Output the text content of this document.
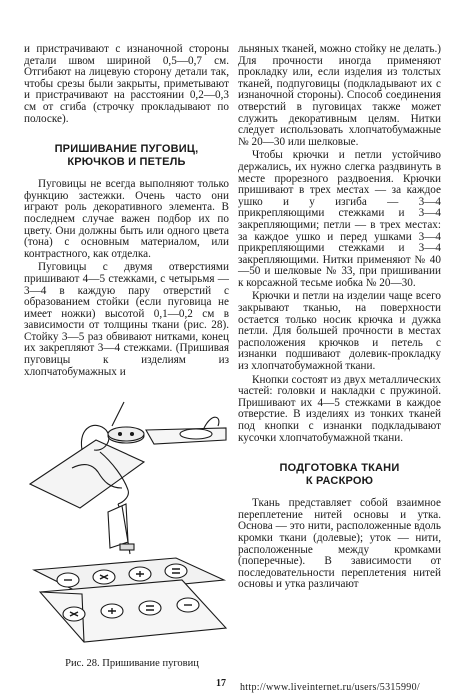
и пристрачивают с изнаночной стороны детали швом шириной 0,5—0,7 см. Отгибают на лицевую сторону детали так, чтобы срезы были закрыты, приметывают и пристрачивают на расстоянии 0,2—0,3 см от сгиба (строчку прокладывают по полоске).

ПРИШИВАНИЕ ПУГОВИЦ,
КРЮЧКОВ И ПЕТЕЛЬ

Пуговицы не всегда выполняют только функцию застежки. Очень часто они играют роль декоративного элемента. В последнем случае важен подбор их по цвету. Они должны быть или одного цвета (тона) с основным материалом, или контрастного, как отделка.

Пуговицы с двумя отверстиями пришивают 4—5 стежками, с четырьмя — 3—4 в каждую пару отверстий с образованием стойки (если пуговица не имеет ножки) высотой 0,1—0,2 см в зависимости от толщины ткани (рис. 28). Стойку 3—5 раз обвивают нитками, конец их закрепляют 3—4 стежками. (Пришивая пуговицы к изделиям из хлопчатобумажных и

Рис. 28. Пришивание пуговиц

льняных тканей, можно стойку не делать.) Для прочности иногда применяют прокладку или, если изделия из толстых тканей, подпуговицы (подкладывают их с изнаночной стороны). Способ соединения отверстий в пуговицах также может служить декоративным целям. Нитки следует использовать хлопчатобумажные № 20—30 или шелковые.

Чтобы крючки и петли устойчиво держались, их нужно слегка раздвинуть в месте прорезного раздвоения. Крючки пришивают в трех местах — за каждое ушко и у изгиба — 3—4 прикрепляющими стежками и 3—4 закрепляющими; петли — в трех местах: за каждое ушко и перед ушками 3—4 прикрепляющими стежками и 3—4 закрепляющими. Нитки применяют № 40—50 и шелковые № 33, при пришивании к корсажной тесьме иобка № 20—30.

Крючки и петли на изделии чаще всего закрывают тканью, на поверхности остается только носик крючка и дужка петли. Для большей прочности в местах расположения крючков и петель с изнанки подшивают долевик-прокладку из хлопчатобумажной ткани.

Кнопки состоят из двух металлических частей: головки и накладки с пружиной. Пришивают их 4—5 стежками в каждое отверстие. В изделиях из тонких тканей под кнопки с изнанки подкладывают кусочки хлопчатобумажной ткани.

ПОДГОТОВКА ТКАНИ
К РАСКРОЮ

Ткань представляет собой взаимное переплетение нитей основы и утка. Основа — это нити, расположенные вдоль кромки ткани (долевые); уток — нити, расположенные между кромками (поперечные). В зависимости от последовательности переплетения нитей основы и утка различают

17 http://www.liveinternet.ru/users/5315990/
